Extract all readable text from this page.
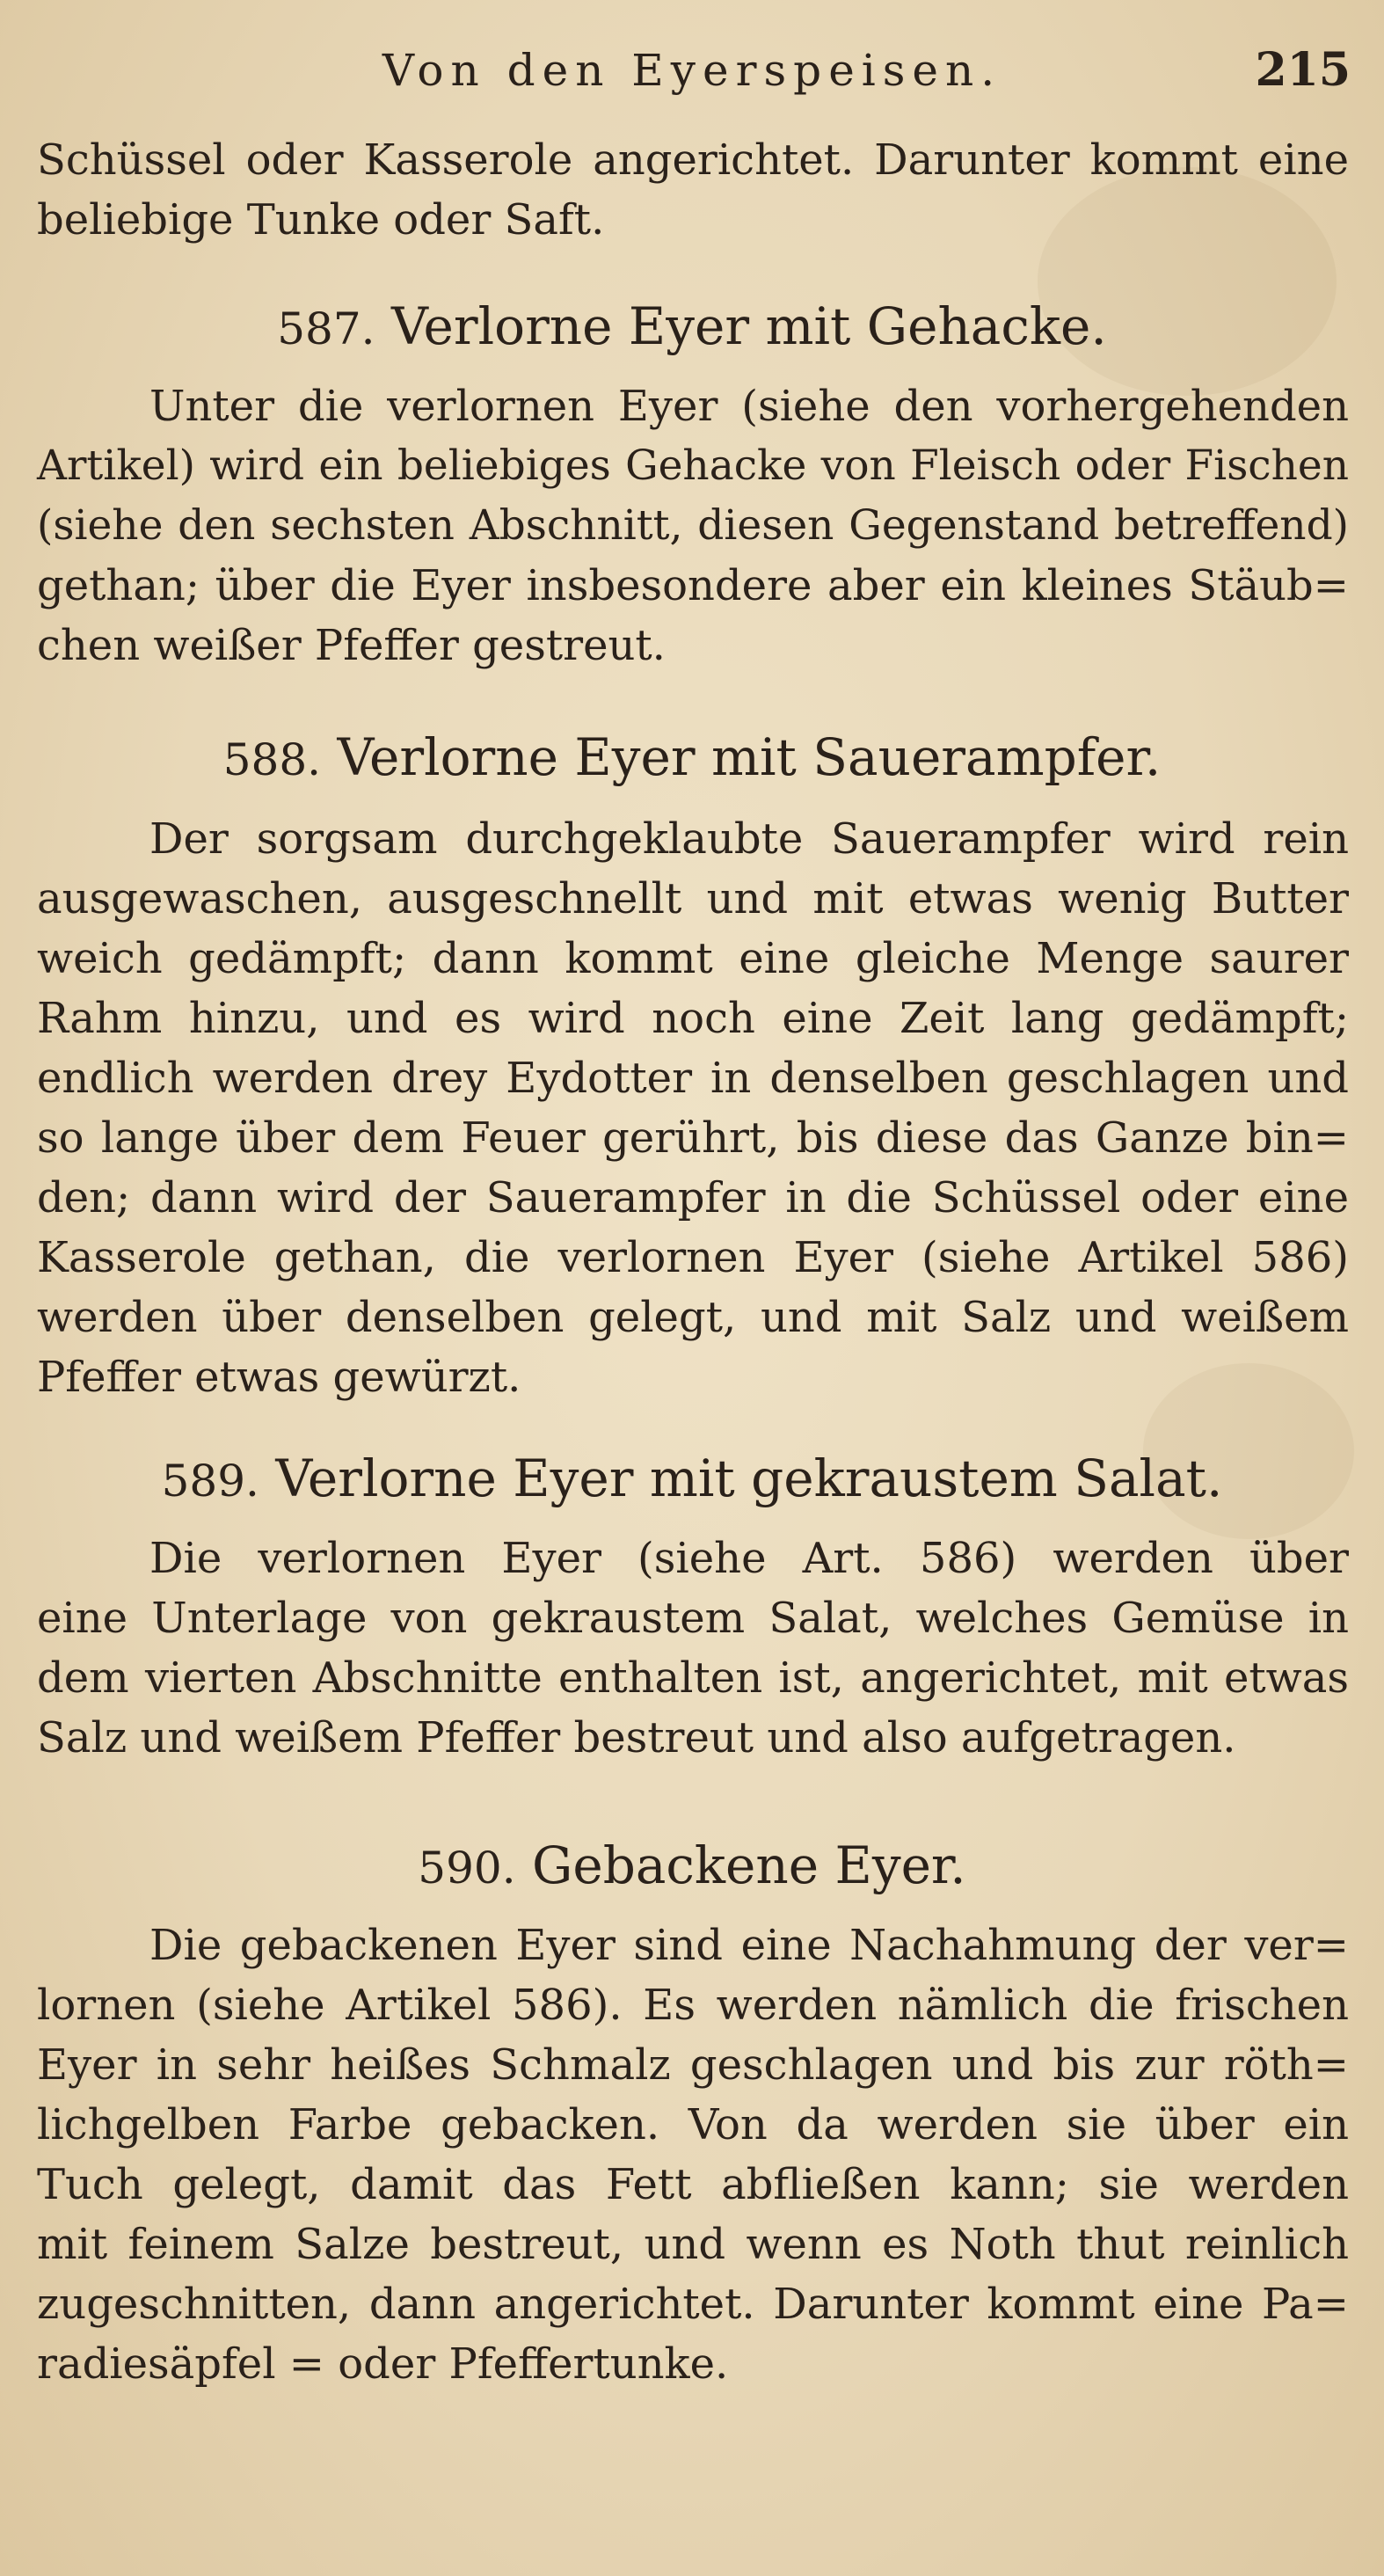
Von den Eyerspeisen.	215
Schüssel oder Kasserole angerichtet. Darunter kommt eine
beliebige Tunke oder Saft.
587. Verlorne Eyer mit Gehacke.
Unter die verlornen Eyer (siehe den vorhergehenden
Artikel) wird ein beliebiges Gehacke von Fleisch oder Fischen
(siehe den sechsten Abschnitt, diesen Gegenstand betreffend)
gethan; über die Eyer insbesondere aber ein kleines Stäub=
chen weißer Pfeffer gestreut.
588. Verlorne Eyer mit Sauerampfer.
Der sorgsam durchgeklaubte Sauerampfer wird rein
ausgewaschen, ausgeschnellt und mit etwas wenig Butter
weich gedämpft; dann kommt eine gleiche Menge saurer
Rahm hinzu, und es wird noch eine Zeit lang gedämpft;
endlich werden drey Eydotter in denselben geschlagen und
so lange über dem Feuer gerührt, bis diese das Ganze bin=
den; dann wird der Sauerampfer in die Schüssel oder eine
Kasserole gethan, die verlornen Eyer (siehe Artikel 586)
werden über denselben gelegt, und mit Salz und weißem
Pfeffer etwas gewürzt.
589. Verlorne Eyer mit gekraustem Salat.
Die verlornen Eyer (siehe Art. 586) werden über
eine Unterlage von gekraustem Salat, welches Gemüse in
dem vierten Abschnitte enthalten ist, angerichtet, mit etwas
Salz und weißem Pfeffer bestreut und also aufgetragen.
590. Gebackene Eyer.
Die gebackenen Eyer sind eine Nachahmung der ver=
lornen (siehe Artikel 586). Es werden nämlich die frischen
Eyer in sehr heißes Schmalz geschlagen und bis zur röth=
lichgelben Farbe gebacken. Von da werden sie über ein
Tuch gelegt, damit das Fett abfließen kann; sie werden
mit feinem Salze bestreut, und wenn es Noth thut reinlich
zugeschnitten, dann angerichtet. Darunter kommt eine Pa=
radiesäpfel = oder Pfeffertunke.
